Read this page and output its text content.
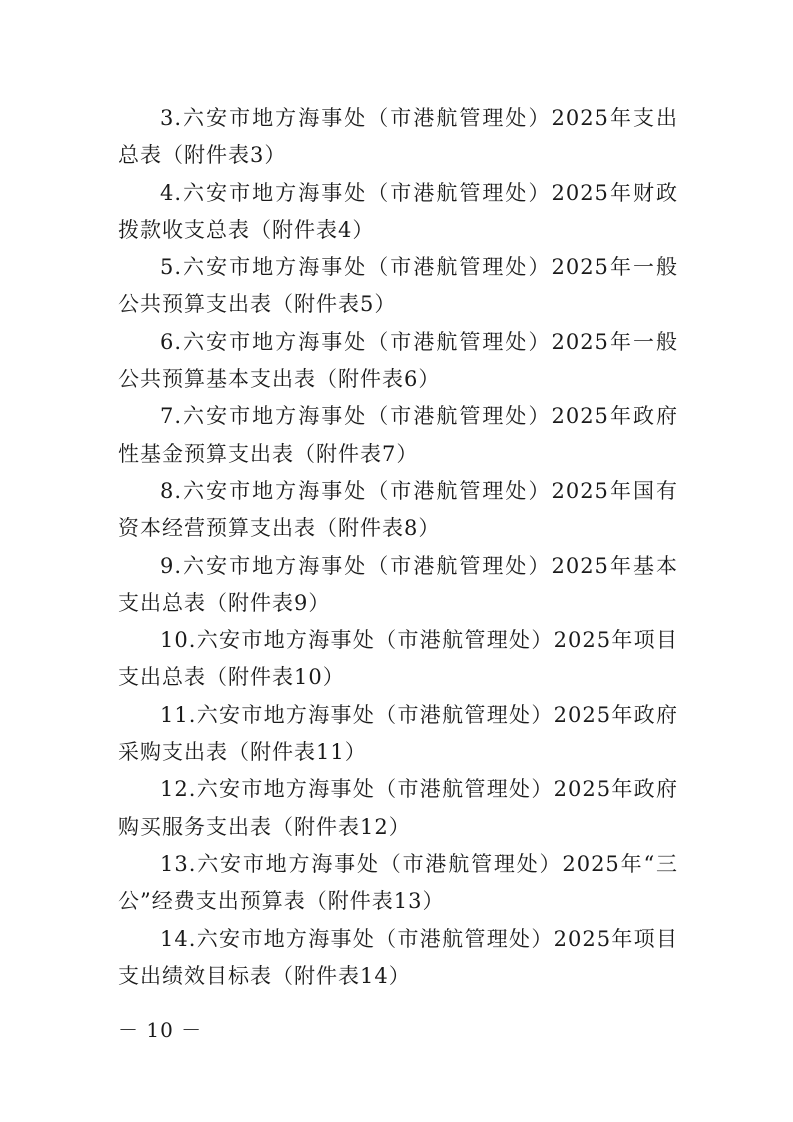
3.六安市地方海事处（市港航管理处）2025年支出总表（附件表3）

4.六安市地方海事处（市港航管理处）2025年财政拨款收支总表（附件表4）

5.六安市地方海事处（市港航管理处）2025年一般公共预算支出表（附件表5）

6.六安市地方海事处（市港航管理处）2025年一般公共预算基本支出表（附件表6）

7.六安市地方海事处（市港航管理处）2025年政府性基金预算支出表（附件表7）

8.六安市地方海事处（市港航管理处）2025年国有资本经营预算支出表（附件表8）

9.六安市地方海事处（市港航管理处）2025年基本支出总表（附件表9）

10.六安市地方海事处（市港航管理处）2025年项目支出总表（附件表10）

11.六安市地方海事处（市港航管理处）2025年政府采购支出表（附件表11）

12.六安市地方海事处（市港航管理处）2025年政府购买服务支出表（附件表12）

13.六安市地方海事处（市港航管理处）2025年“三公”经费支出预算表（附件表13）

14.六安市地方海事处（市港航管理处）2025年项目支出绩效目标表（附件表14）

－ 10 －
